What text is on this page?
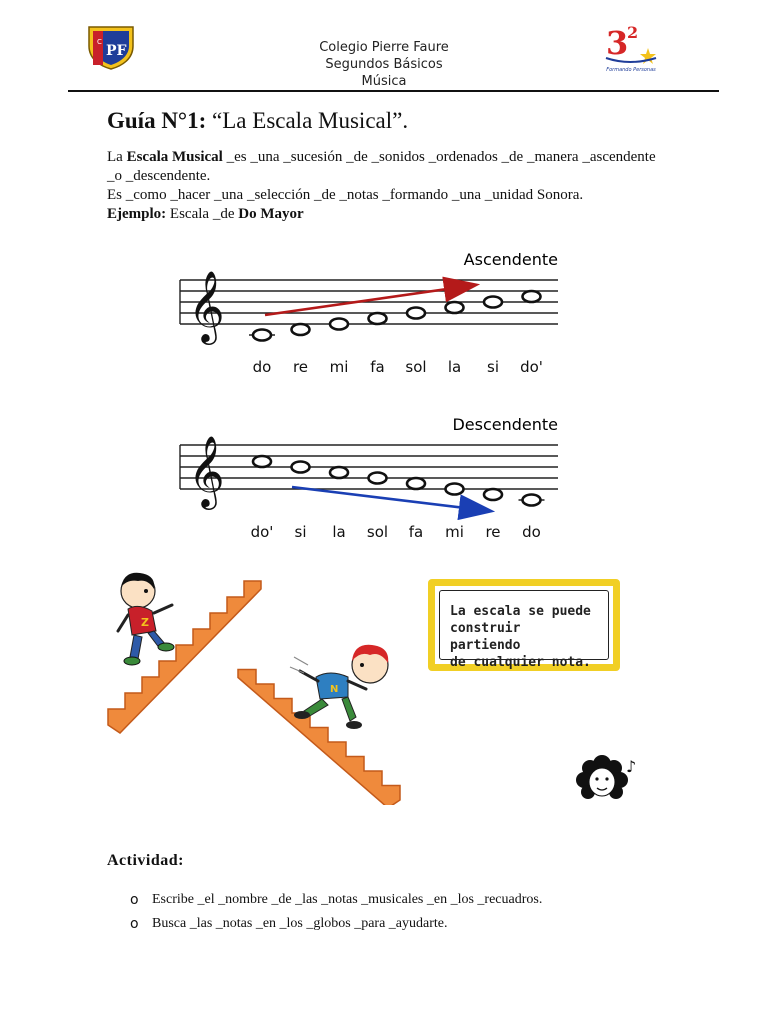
C
PF	Colegio Pierre Faure
Segundos Básicos
Música
3
2
Formando Personas
Guía N°1: “La Escala Musical”.
La Escala Musical _es _una _sucesión _de _sonidos _ordenados _de _manera _ascendente _o _descendente.
Es _como _hacer _una _selección _de _notas _formando _una _unidad Sonora.
Ejemplo: Escala _de Do Mayor
Ascendente
𝄞
do re mi fa sol la si do'
Descendente
𝄞
do' si la sol fa mi re do
Z
N
La escala se puede
construir partiendo
de cualquier nota.
♪
Actividad:
o Escribe _el _nombre _de _las _notas _musicales _en _los _recuadros.
o Busca _las _notas _en _los _globos _para _ayudarte.
